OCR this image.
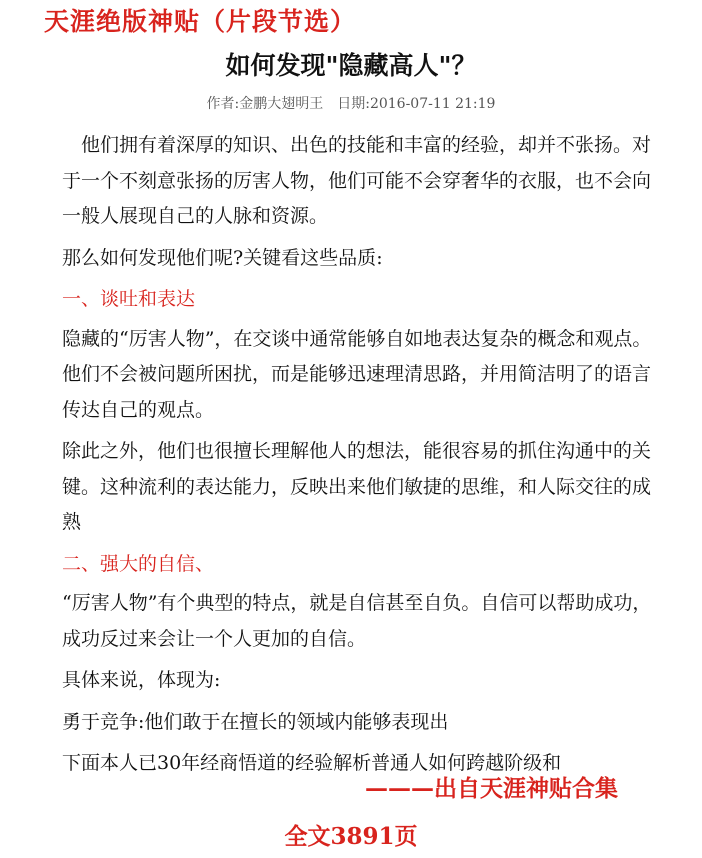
天涯绝版神贴（片段节选）
如何发现"隐藏高人"？
作者:金鹏大翅明王 日期:2016-07-11 21:19

他们拥有着深厚的知识、出色的技能和丰富的经验，却并不张扬。对于一个不刻意张扬的厉害人物，他们可能不会穿奢华的衣服，也不会向一般人展现自己的人脉和资源。

那么如何发现他们呢?关键看这些品质:

一、谈吐和表达

隐藏的“厉害人物”，在交谈中通常能够自如地表达复杂的概念和观点。他们不会被问题所困扰，而是能够迅速理清思路，并用简洁明了的语言传达自己的观点。

除此之外，他们也很擅长理解他人的想法，能很容易的抓住沟通中的关键。这种流利的表达能力，反映出来他们敏捷的思维，和人际交往的成熟

二、强大的自信、

“厉害人物”有个典型的特点，就是自信甚至自负。自信可以帮助成功，成功反过来会让一个人更加的自信。

具体来说，体现为:

勇于竞争:他们敢于在擅长的领域内能够表现出

下面本人已30年经商悟道的经验解析普通人如何跨越阶级和

———出自天涯神贴合集
全文3891页
